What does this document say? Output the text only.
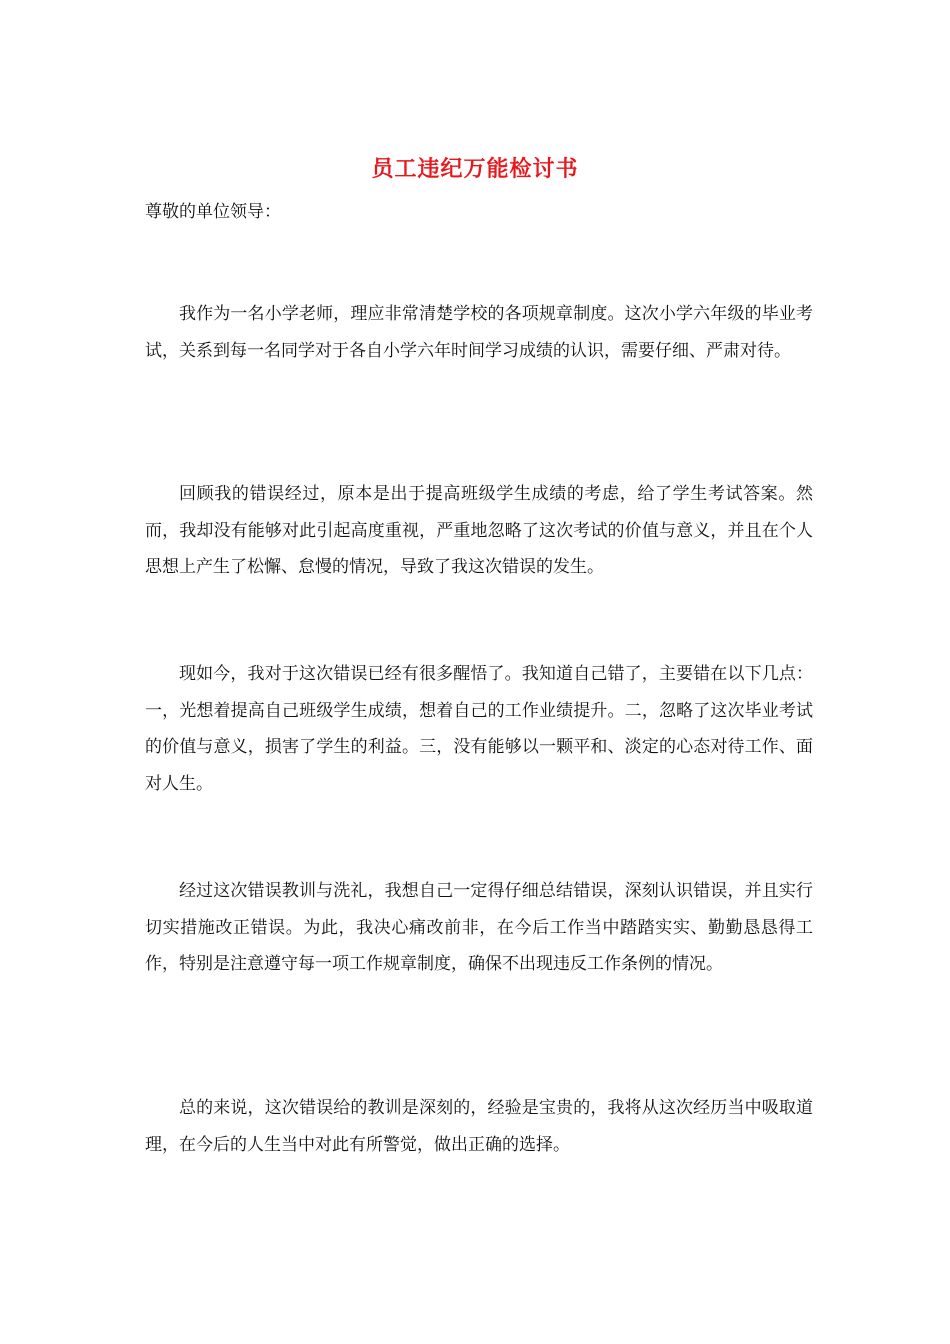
员工违纪万能检讨书

尊敬的单位领导：

我作为一名小学老师，理应非常清楚学校的各项规章制度。这次小学六年级的毕业考试，关系到每一名同学对于各自小学六年时间学习成绩的认识，需要仔细、严肃对待。

回顾我的错误经过，原本是出于提高班级学生成绩的考虑，给了学生考试答案。然而，我却没有能够对此引起高度重视，严重地忽略了这次考试的价值与意义，并且在个人思想上产生了松懈、怠慢的情况，导致了我这次错误的发生。

现如今，我对于这次错误已经有很多醒悟了。我知道自己错了，主要错在以下几点：一，光想着提高自己班级学生成绩，想着自己的工作业绩提升。二，忽略了这次毕业考试的价值与意义，损害了学生的利益。三，没有能够以一颗平和、淡定的心态对待工作、面对人生。

经过这次错误教训与洗礼，我想自己一定得仔细总结错误，深刻认识错误，并且实行切实措施改正错误。为此，我决心痛改前非，在今后工作当中踏踏实实、勤勤恳恳得工作，特别是注意遵守每一项工作规章制度，确保不出现违反工作条例的情况。

总的来说，这次错误给的教训是深刻的，经验是宝贵的，我将从这次经历当中吸取道理，在今后的人生当中对此有所警觉，做出正确的选择。
